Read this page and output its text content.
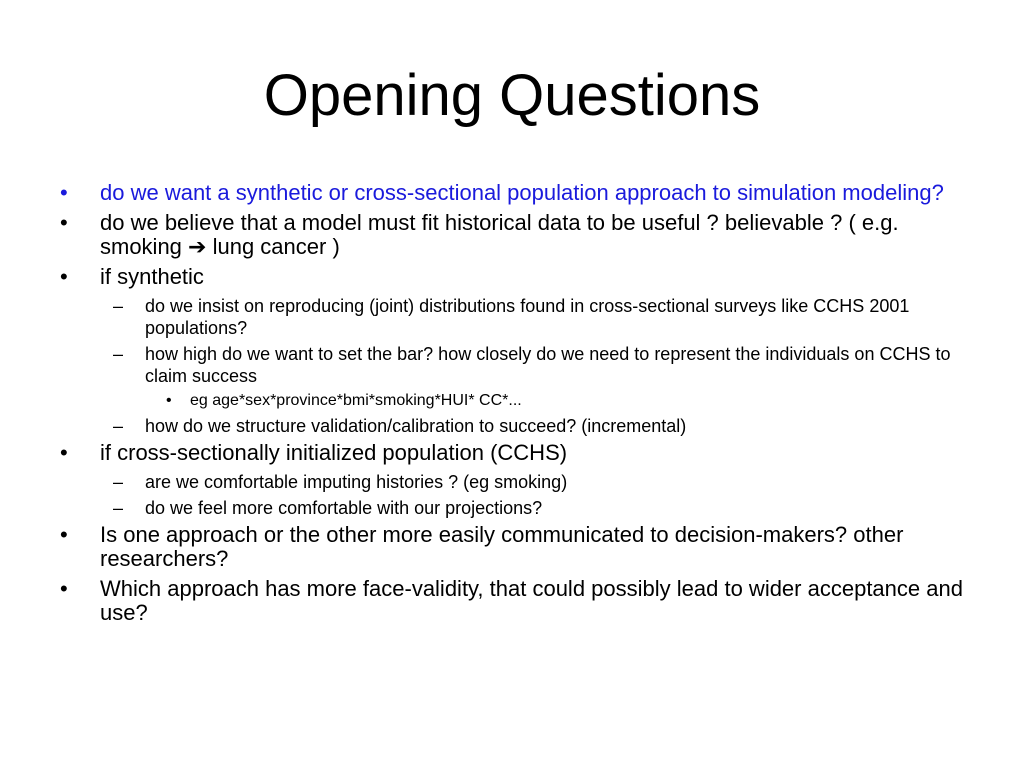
Opening Questions
• do we want a synthetic or cross-sectional population approach to simulation modeling?
• do we believe that a model must fit historical data to be useful ? believable ? ( e.g. smoking ➔ lung cancer )
• if synthetic
– do we insist on reproducing (joint) distributions found in cross-sectional surveys like CCHS 2001 populations?
– how high do we want to set the bar? how closely do we need to represent the individuals on CCHS to claim success
• eg age*sex*province*bmi*smoking*HUI* CC*...
– how do we structure validation/calibration to succeed? (incremental)
• if cross-sectionally initialized population (CCHS)
– are we comfortable imputing histories ? (eg smoking)
– do we feel more comfortable with our projections?
• Is one approach or the other more easily communicated to decision-makers? other researchers?
• Which approach has more face-validity, that could possibly lead to wider acceptance and use?
